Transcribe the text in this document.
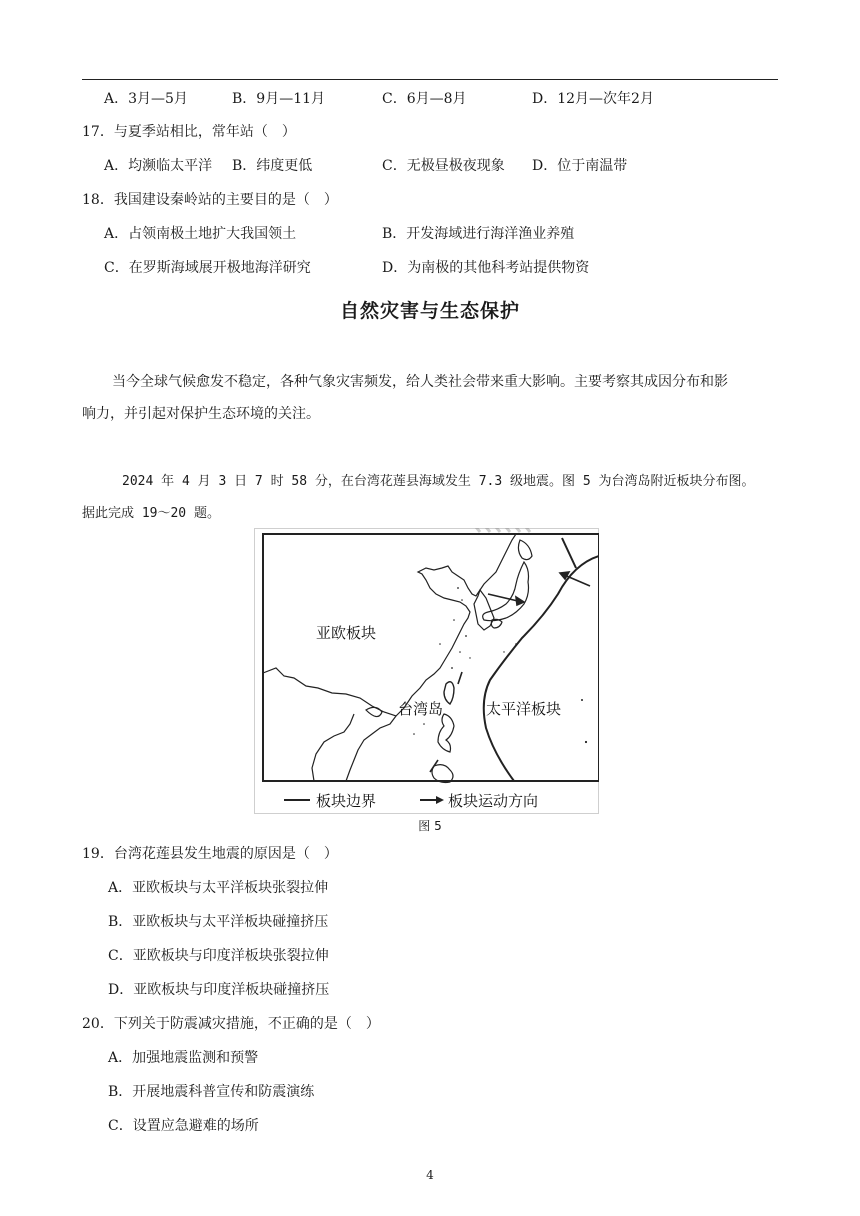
A．3月—5月	B．9月—11月	C．6月—8月	D．12月—次年2月
17．与夏季站相比，常年站（　）
A．均濒临太平洋 B．纬度更低	C．无极昼极夜现象 D．位于南温带
18．我国建设秦岭站的主要目的是（　）
A．占领南极土地扩大我国领土	B．开发海域进行海洋渔业养殖
C．在罗斯海域展开极地海洋研究	D．为南极的其他科考站提供物资
自然灾害与生态保护
当今全球气候愈发不稳定，各种气象灾害频发，给人类社会带来重大影响。主要考察其成因分布和影
响力，并引起对保护生态环境的关注。
2024 年 4 月 3 日 7 时 58 分，在台湾花莲县海域发生 7.3 级地震。图 5 为台湾岛附近板块分布图。
据此完成 19～20 题。
亚欧板块
台湾岛	太平洋板块
板块边界	板块运动方向
图 5
19．台湾花莲县发生地震的原因是（　）
A．亚欧板块与太平洋板块张裂拉伸
B．亚欧板块与太平洋板块碰撞挤压
C．亚欧板块与印度洋板块张裂拉伸
D．亚欧板块与印度洋板块碰撞挤压
20．下列关于防震减灾措施，不正确的是（　）
A．加强地震监测和预警
B．开展地震科普宣传和防震演练
C．设置应急避难的场所
4
